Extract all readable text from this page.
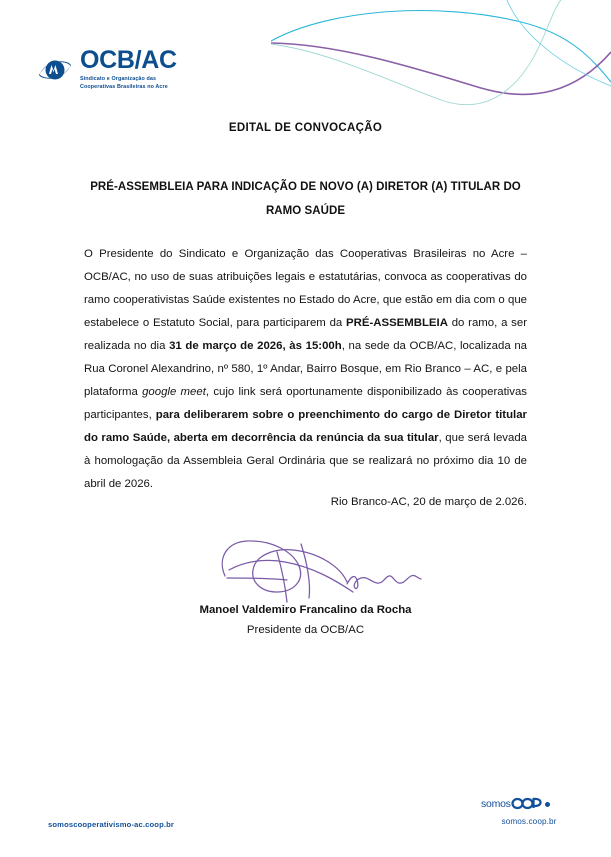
OCB/AC
Sindicato e Organização das
Cooperativas Brasileiras no Acre
EDITAL DE CONVOCAÇÃO
PRÉ-ASSEMBLEIA PARA INDICAÇÃO DE NOVO (A) DIRETOR (A) TITULAR DO RAMO SAÚDE
O Presidente do Sindicato e Organização das Cooperativas Brasileiras no Acre – OCB/AC, no uso de suas atribuições legais e estatutárias, convoca as cooperativas do ramo cooperativistas Saúde existentes no Estado do Acre, que estão em dia com o que estabelece o Estatuto Social, para participarem da PRÉ-ASSEMBLEIA do ramo, a ser realizada no dia 31 de março de 2026, às 15:00h, na sede da OCB/AC, localizada na Rua Coronel Alexandrino, nº 580, 1º Andar, Bairro Bosque, em Rio Branco – AC, e pela plataforma google meet, cujo link será oportunamente disponibilizado às cooperativas participantes, para deliberarem sobre o preenchimento do cargo de Diretor titular do ramo Saúde, aberta em decorrência da renúncia da sua titular, que será levada à homologação da Assembleia Geral Ordinária que se realizará no próximo dia 10 de abril de 2026.
Rio Branco-AC, 20 de março de 2.026.
Manoel Valdemiro Francalino da Rocha
Presidente da OCB/AC
somoscooperativismo-ac.coop.br
somos
somos.coop.br
